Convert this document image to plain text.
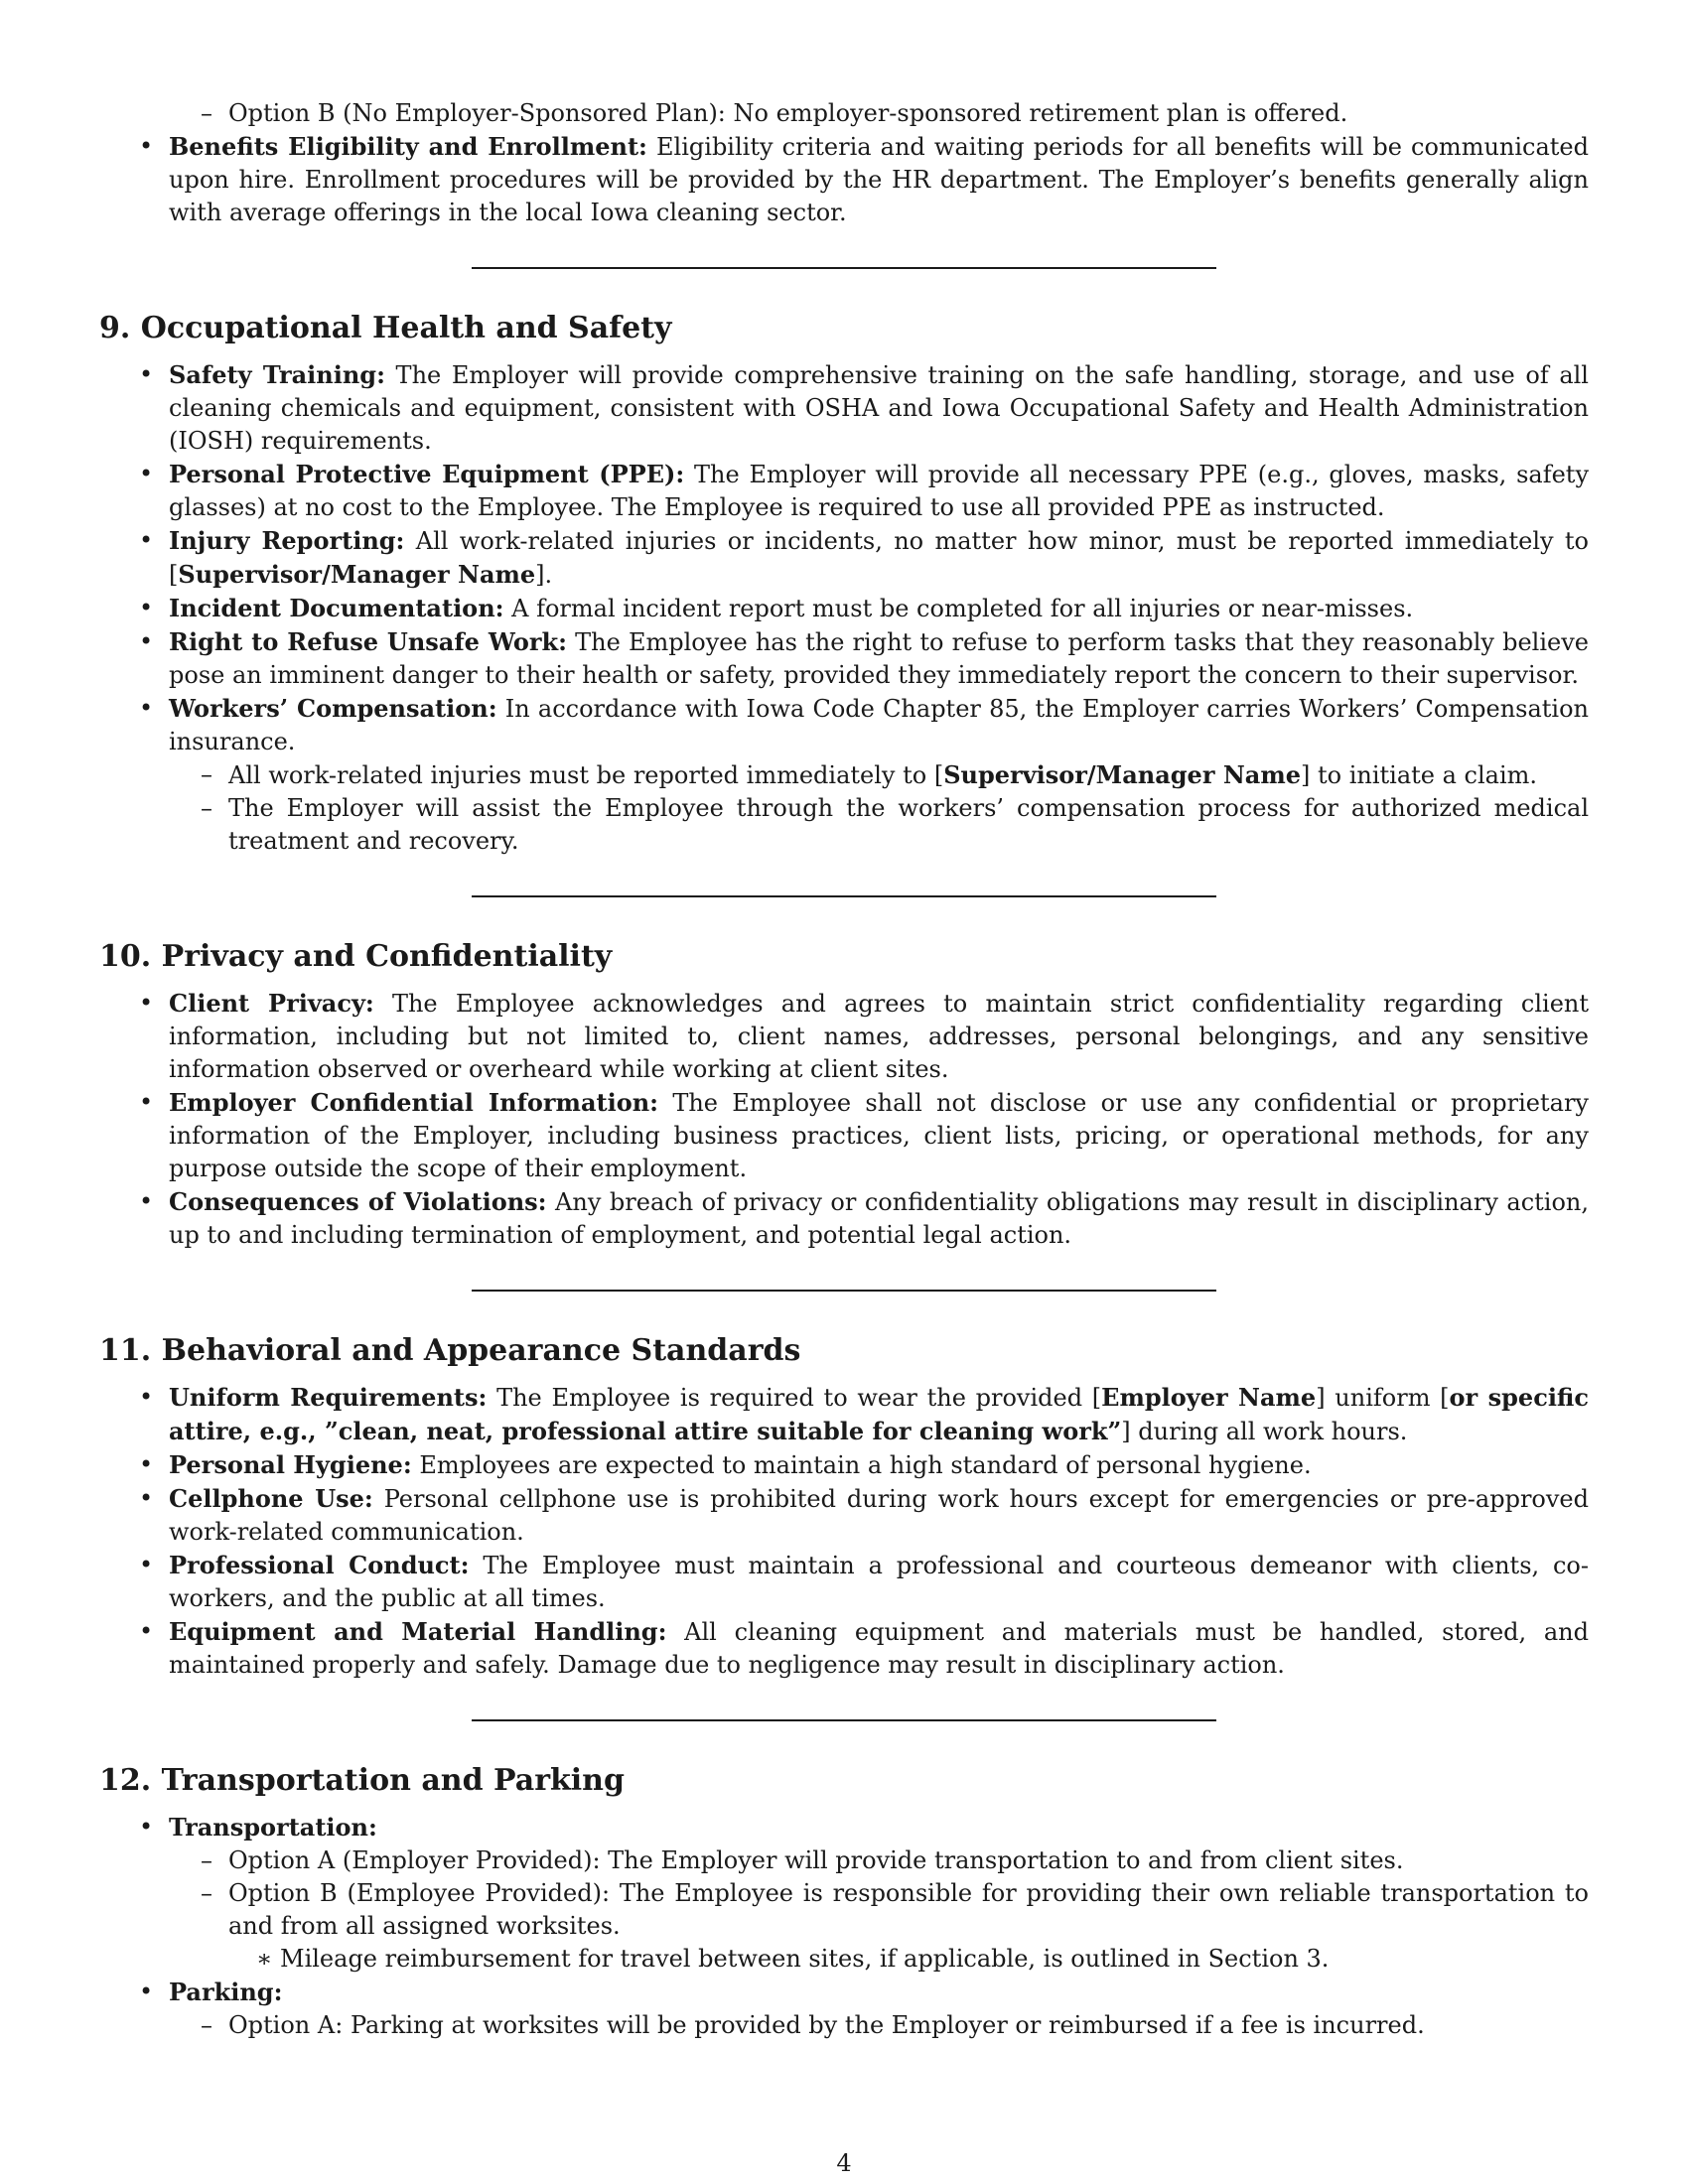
– Option B (No Employer-Sponsored Plan): No employer-sponsored retirement plan is offered.
• Benefits Eligibility and Enrollment: Eligibility criteria and waiting periods for all benefits will be communicated upon hire. Enrollment procedures will be provided by the HR department. The Employer’s benefits generally align with average offerings in the local Iowa cleaning sector.
9. Occupational Health and Safety
• Safety Training: The Employer will provide comprehensive training on the safe handling, storage, and use of all cleaning chemicals and equipment, consistent with OSHA and Iowa Occupational Safety and Health Administration (IOSH) requirements.
• Personal Protective Equipment (PPE): The Employer will provide all necessary PPE (e.g., gloves, masks, safety glasses) at no cost to the Employee. The Employee is required to use all provided PPE as instructed.
• Injury Reporting: All work-related injuries or incidents, no matter how minor, must be reported immediately to [Supervisor/Manager Name].
• Incident Documentation: A formal incident report must be completed for all injuries or near-misses.
• Right to Refuse Unsafe Work: The Employee has the right to refuse to perform tasks that they reasonably believe pose an imminent danger to their health or safety, provided they immediately report the concern to their supervisor.
• Workers’ Compensation: In accordance with Iowa Code Chapter 85, the Employer carries Workers’ Compensation insurance.
– All work-related injuries must be reported immediately to [Supervisor/Manager Name] to initiate a claim.
– The Employer will assist the Employee through the workers’ compensation process for authorized medical treatment and recovery.
10. Privacy and Confidentiality
• Client Privacy: The Employee acknowledges and agrees to maintain strict confidentiality regarding client information, including but not limited to, client names, addresses, personal belongings, and any sensitive information observed or overheard while working at client sites.
• Employer Confidential Information: The Employee shall not disclose or use any confidential or proprietary information of the Employer, including business practices, client lists, pricing, or operational methods, for any purpose outside the scope of their employment.
• Consequences of Violations: Any breach of privacy or confidentiality obligations may result in disciplinary action, up to and including termination of employment, and potential legal action.
11. Behavioral and Appearance Standards
• Uniform Requirements: The Employee is required to wear the provided [Employer Name] uniform [or specific attire, e.g., ”clean, neat, professional attire suitable for cleaning work”] during all work hours.
• Personal Hygiene: Employees are expected to maintain a high standard of personal hygiene.
• Cellphone Use: Personal cellphone use is prohibited during work hours except for emergencies or pre-approved work-related communication.
• Professional Conduct: The Employee must maintain a professional and courteous demeanor with clients, co-workers, and the public at all times.
• Equipment and Material Handling: All cleaning equipment and materials must be handled, stored, and maintained properly and safely. Damage due to negligence may result in disciplinary action.
12. Transportation and Parking
• Transportation:
– Option A (Employer Provided): The Employer will provide transportation to and from client sites.
– Option B (Employee Provided): The Employee is responsible for providing their own reliable transportation to and from all assigned worksites.
∗ Mileage reimbursement for travel between sites, if applicable, is outlined in Section 3.
• Parking:
– Option A: Parking at worksites will be provided by the Employer or reimbursed if a fee is incurred.
4
